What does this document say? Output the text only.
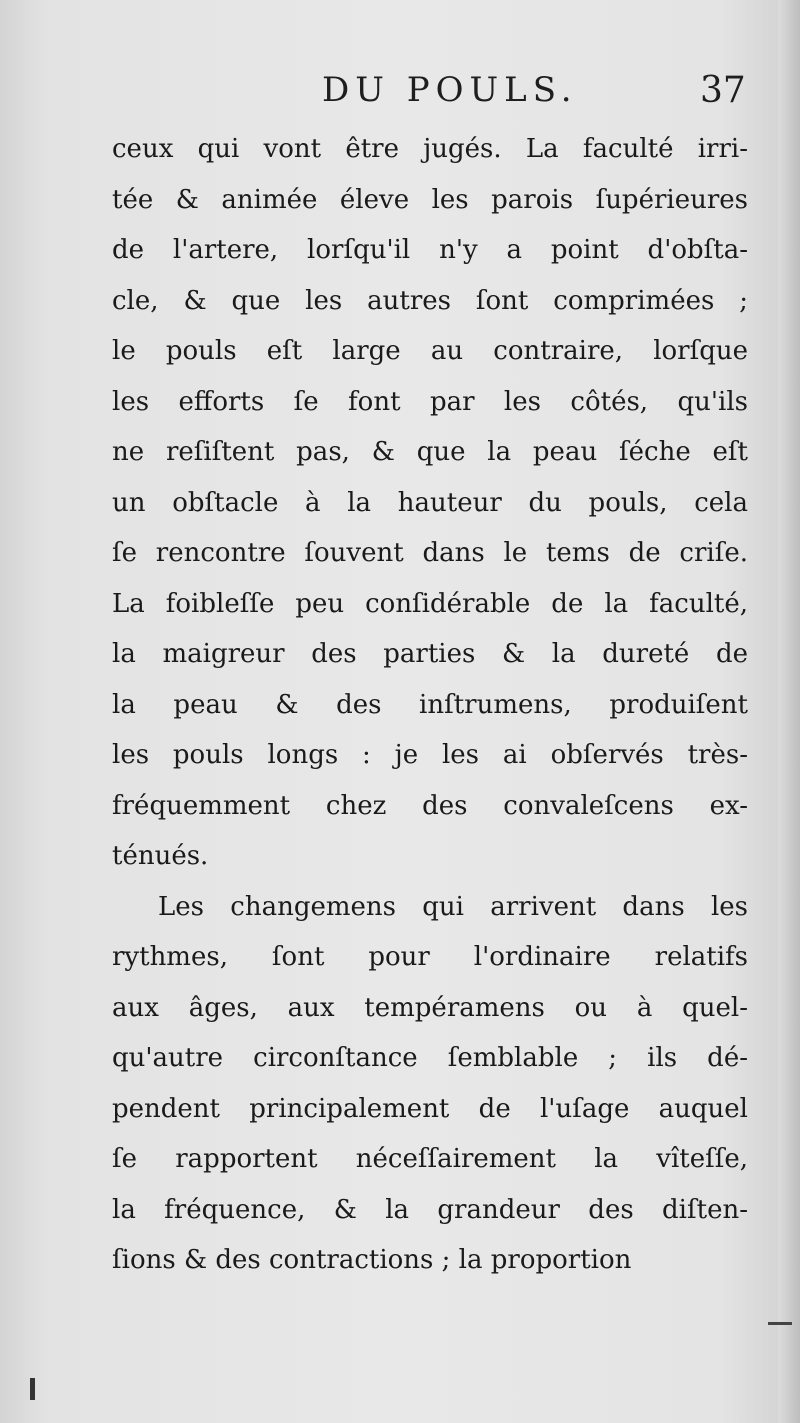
DU POULS.	37
ceux qui vont être jugés. La faculté irri-
tée & animée éleve les parois ſupérieures
de l'artere, lorſqu'il n'y a point d'obſta-
cle, & que les autres ſont comprimées ;
le pouls eſt large au contraire, lorſque
les efforts ſe font par les côtés, qu'ils
ne reſiſtent pas, & que la peau ſéche eſt
un obſtacle à la hauteur du pouls, cela
ſe rencontre ſouvent dans le tems de criſe.
La foibleſſe peu conſidérable de la faculté,
la maigreur des parties & la dureté de
la peau & des inſtrumens, produiſent
les pouls longs : je les ai obſervés très-
fréquemment chez des convaleſcens ex-
ténués.
Les changemens qui arrivent dans les
rythmes, ſont pour l'ordinaire relatifs
aux âges, aux tempéramens ou à quel-
qu'autre circonſtance ſemblable ; ils dé-
pendent principalement de l'uſage auquel
ſe rapportent néceſſairement la vîteſſe,
la fréquence, & la grandeur des diſten-
ſions & des contractions ; la proportion
